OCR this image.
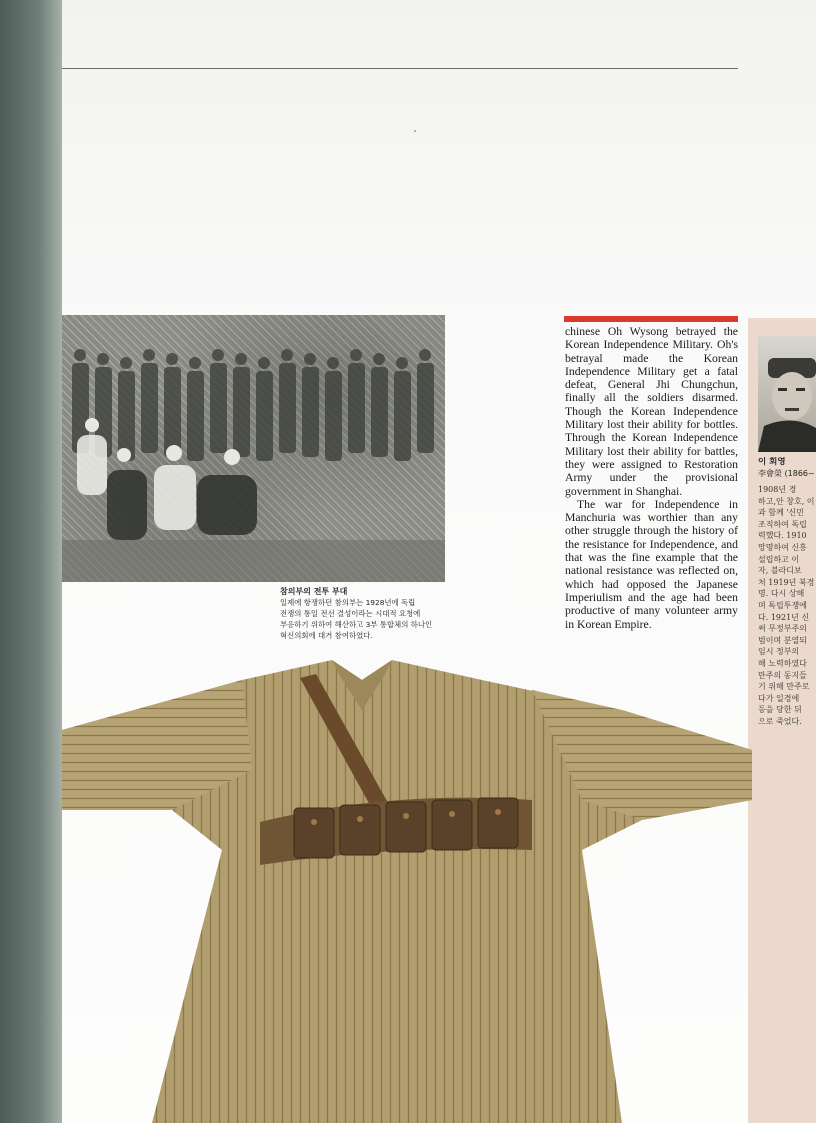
참의부의 전투 부대
일제에 항쟁하던 참의부는 1928년에 독립
전쟁의 통일 전선 결성이라는 시대적 요청에
부응하기 위하여 해산하고 3부 통합체의 하나인
혁신의회에 대거 참여하였다.

chinese Oh Wysong betrayed the Korean Independence Military. Oh's betrayal made the Korean Independence Military get a fatal defeat, General Jhi Chungchun, finally all the soldiers disarmed. Though the Korean Independence Military lost their ability for bottles. Through the Korean Independence Military lost their ability for battles, they were assigned to Restoration Army under the provisional government in Shanghai.

The war for Independence in Manchuria was worthier than any other struggle through the history of the resistance for Independence, and that was the fine example that the national resistance was reflected on, which had opposed the Japanese Imperiulism and the age had been productive of many volunteer army in Korean Empire.

이 회영
李會榮 (1866~
1908년 경
하고,안 창호, 이
과 함께 '신민
조직하여 독립
력했다. 1910
망명하여 신흥
설립하고 이
자, 블라디보
처 1919년 북경
명. 다시 상해
며 독립투쟁에
다. 1921년 신
써 무정부주의
범이며 분열되
임시 정부의
해 노력하였다
만주의 동지들
기 위해 만주로
다가 일경에
등을 당한 뒤
으로 죽었다.
